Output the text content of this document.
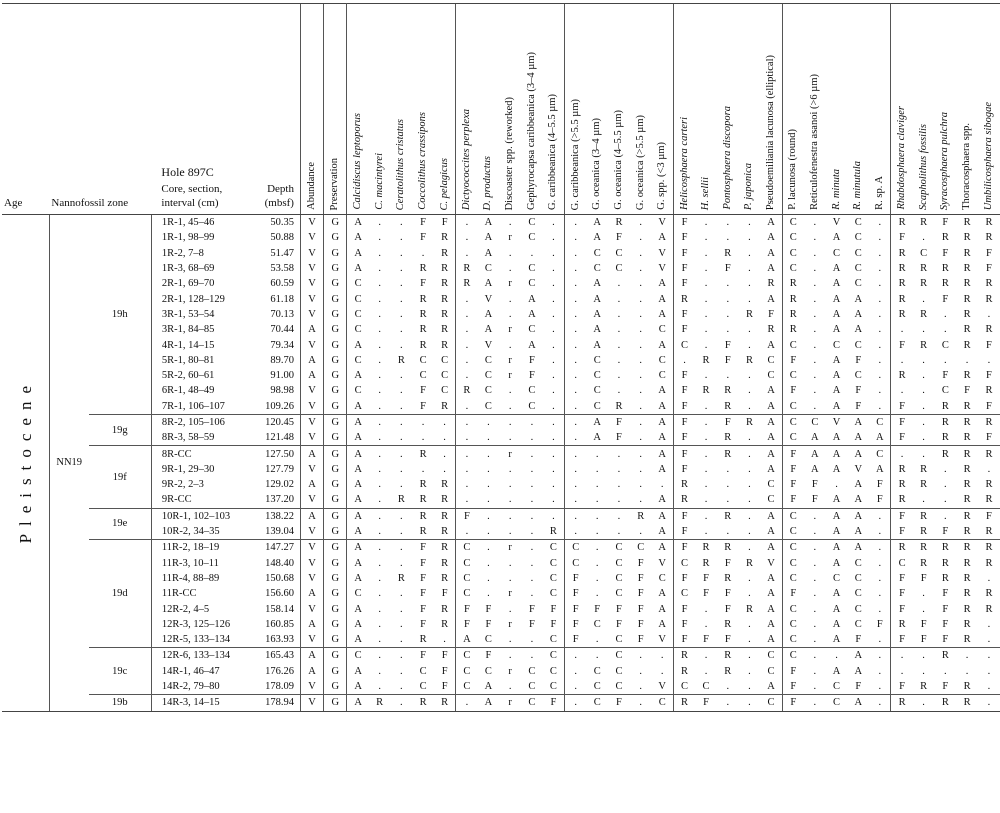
Age	Nannofossil zone		Hole 897C
Core, section, interval (cm)	Depth
(mbsf)	Abundance	Preservation	Calcidiscus leptoporus	C. macintyrei	Ceratolithus cristatus	Coccolithus crassipons	C. pelagicus	Dictyococcites perplexa	D. productus	Discoaster spp. (reworked)	Gephyrocapsa caribbeanica (3–4 µm)	G. caribbeanica (4–5.5 µm)	G. caribbeanica (>5.5 µm)	G. oceanica (3–4 µm)	G. oceanica (4–5.5 µm)	G. oceanica (>5.5 µm)	G. spp. (<3 µm)	Helicosphaera carteri	H. sellii	Pontosphaera discopora	P. japonica	Pseudoemiliania lacunosa (elliptical)	P. lacunosa (round)	Reticulofenestra asanoi (>6 µm)	R. minuta	R. minutula	R. sp. A	Rhabdosphaera claviger	Scapholithus fossilis	Syracosphaera pulchra	Thoracosphaera spp.	Umbilicosphaera sibogae

Pleistocene	NN19	19h	1R-1, 45–46	50.35	V	G	A	.	.	F	F	.	A	.	C	.	.	A	R	.	V	F	.	.	.	A	C	.	V	C	.	R	R	F	R	R
			1R-1, 98–99	50.88	V	G	A	.	.	F	R	.	A	r	C	.	.	A	F	.	A	F	.	.	.	A	C	.	A	C	.	F	.	R	R	R
			1R-2, 7–8	51.47	V	G	A	.	.	.	R	.	A	.	.	.	.	C	C	.	V	F	.	R	.	A	C	.	C	C	.	R	C	F	R	F
			1R-3, 68–69	53.58	V	G	A	.	.	R	R	R	C	.	C	.	.	C	C	.	V	F	.	F	.	A	C	.	A	C	.	R	R	R	R	F
			2R-1, 69–70	60.59	V	G	C	.	.	F	R	R	A	r	C	.	.	A	.	.	A	F	.	.	.	R	R	.	A	C	.	R	R	R	R	R
			2R-1, 128–129	61.18	V	G	C	.	.	R	R	.	V	.	A	.	.	A	.	.	A	R	.	.	.	A	R	.	A	A	.	R	.	F	R	R
			3R-1, 53–54	70.13	V	G	C	.	.	R	R	.	A	.	A	.	.	A	.	.	A	F	.	.	R	F	R	.	A	A	.	R	R	.	R	.
			3R-1, 84–85	70.44	A	G	C	.	.	R	R	.	A	r	C	.	.	A	.	.	C	F	.	.	.	R	R	.	A	A	.	.	.	.	R	R
			4R-1, 14–15	79.34	V	G	A	.	.	R	R	.	V	.	A	.	.	A	.	.	A	C	.	F	.	A	C	.	C	C	.	F	R	C	R	F
			5R-1, 80–81	89.70	A	G	C	.	R	C	C	.	C	r	F	.	.	C	.	.	C	.	R	F	R	C	F	.	A	F	.	.	.	.	.	.
			5R-2, 60–61	91.00	A	G	A	.	.	C	C	.	C	r	F	.	.	C	.	.	C	F	.	.	.	C	C	.	A	C	.	R	.	F	R	F
			6R-1, 48–49	98.98	V	G	C	.	.	F	C	R	C	.	C	.	.	C	.	.	A	F	R	R	.	A	F	.	A	F	.	.	.	C	F	R
			7R-1, 106–107	109.26	V	G	A	.	.	F	R	.	C	.	C	.	.	C	R	.	A	F	.	R	.	A	C	.	A	F	.	F	.	R	R	F
		19g	8R-2, 105–106	120.45	V	G	A	.	.	.	.	.	.	.	.	.	.	A	F	.	A	F	.	F	R	A	C	C	V	A	C	F	.	R	R	R
			8R-3, 58–59	121.48	V	G	A	.	.	.	.	.	.	.	.	.	.	A	F	.	A	F	.	R	.	A	C	A	A	A	A	F	.	R	R	F
		19f	8R-CC	127.50	A	G	A	.	.	R	.	.	.	r	.	.	.	.	.	.	A	F	.	R	.	A	F	A	A	A	C	.	.	R	R	R
			9R-1, 29–30	127.79	V	G	A	.	.	.	.	.	.	.	.	.	.	.	.	.	A	F	.	.	.	A	F	A	A	V	A	R	R	.	R	.
			9R-2, 2–3	129.02	A	G	A	.	.	R	R	.	.	.	.	.	.	.	.	.	.	R	.	.	.	C	F	F	.	A	F	R	R	.	R	R
			9R-CC	137.20	V	G	A	.	R	R	R	.	.	.	.	.	.	.	.	.	A	R	.	.	.	C	F	F	A	A	F	R	.	.	R	R
		19e	10R-1, 102–103	138.22	A	G	A	.	.	R	R	F	.	.	.	.	.	.	.	R	A	F	.	R	.	A	C	.	A	A	.	F	R	.	R	F
			10R-2, 34–35	139.04	V	G	A	.	.	R	R	.	.	.	.	R	.	.	.	.	A	F	.	.	.	A	C	.	A	A	.	F	R	F	R	R
		19d	11R-2, 18–19	147.27	V	G	A	.	.	F	R	C	.	r	.	C	C	.	C	C	A	F	R	R	.	A	C	.	A	A	.	R	R	R	R	R
			11R-3, 10–11	148.40	V	G	A	.	.	F	R	C	.	.	.	C	C	.	C	F	V	C	R	F	R	V	C	.	A	C	.	C	R	R	R	R
			11R-4, 88–89	150.68	V	G	A	.	R	F	R	C	.	.	.	C	F	.	C	F	C	F	F	R	.	A	C	.	C	C	.	F	F	R	R	.
			11R-CC	156.60	A	G	C	.	.	F	F	C	.	r	.	C	F	.	C	F	A	C	F	F	.	A	F	.	A	C	.	F	.	F	R	R
			12R-2, 4–5	158.14	V	G	A	.	.	F	R	F	F	.	F	F	F	F	F	F	A	F	.	F	R	A	C	.	A	C	.	F	.	F	R	R
			12R-3, 125–126	160.85	A	G	A	.	.	F	R	F	F	r	F	F	F	C	F	F	A	F	.	R	.	A	C	.	A	C	F	R	F	F	R	.
			12R-5, 133–134	163.93	V	G	A	.	.	R	.	A	C	.	.	C	F	.	C	F	V	F	F	F	.	A	C	.	A	F	.	F	F	F	R	.
		19c	12R-6, 133–134	165.43	A	G	C	.	.	F	F	C	F	.	.	C	.	.	C	.	.	R	.	R	.	C	C	.	.	A	.	.	.	R	.	.
			14R-1, 46–47	176.26	A	G	A	.	.	C	F	C	C	r	C	C	.	C	C	.	.	R	.	R	.	C	F	.	A	A	.	.	.	.	.	.
			14R-2, 79–80	178.09	V	G	A	.	.	C	F	C	A	.	C	C	.	C	C	.	V	C	C	.	.	A	F	.	C	F	.	F	R	F	R	.
		19b	14R-3, 14–15	178.94	V	G	A	R	.	R	R	.	A	r	C	F	.	C	F	.	C	R	F	.	.	C	F	.	C	A	.	R	.	R	R	.
